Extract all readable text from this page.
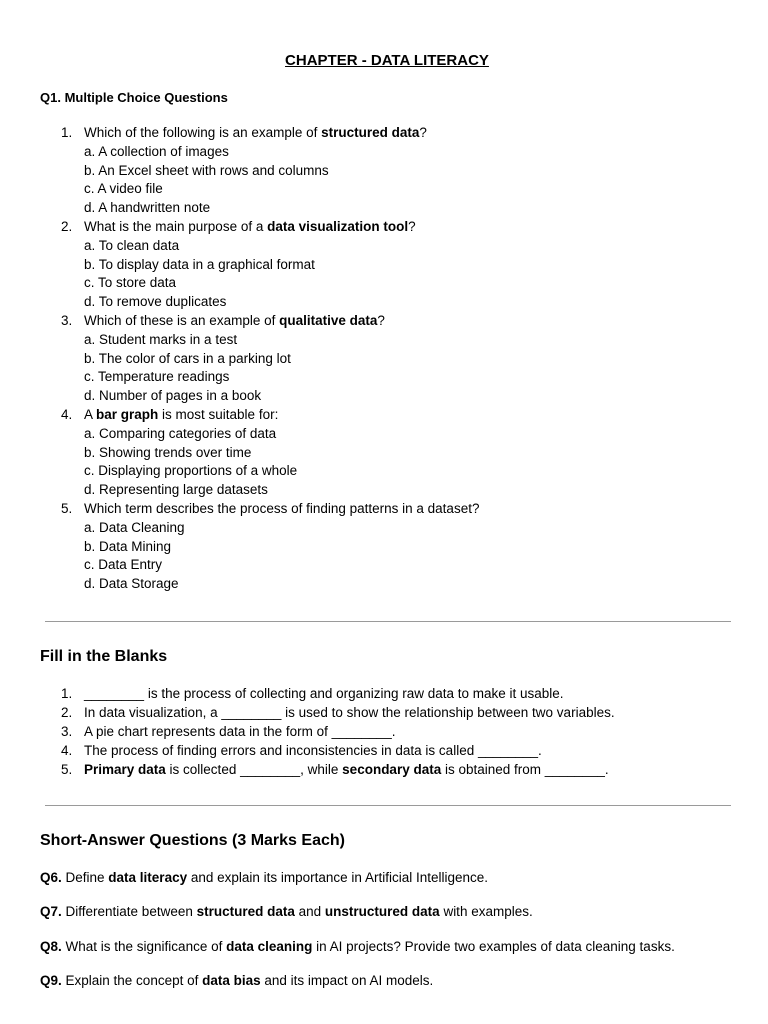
CHAPTER - DATA LITERACY
Q1. Multiple Choice Questions
1. Which of the following is an example of structured data?
a. A collection of images
b. An Excel sheet with rows and columns
c. A video file
d. A handwritten note
2. What is the main purpose of a data visualization tool?
a. To clean data
b. To display data in a graphical format
c. To store data
d. To remove duplicates
3. Which of these is an example of qualitative data?
a. Student marks in a test
b. The color of cars in a parking lot
c. Temperature readings
d. Number of pages in a book
4. A bar graph is most suitable for:
a. Comparing categories of data
b. Showing trends over time
c. Displaying proportions of a whole
d. Representing large datasets
5. Which term describes the process of finding patterns in a dataset?
a. Data Cleaning
b. Data Mining
c. Data Entry
d. Data Storage
Fill in the Blanks
1. ________ is the process of collecting and organizing raw data to make it usable.
2. In data visualization, a ________ is used to show the relationship between two variables.
3. A pie chart represents data in the form of ________.
4. The process of finding errors and inconsistencies in data is called ________.
5. Primary data is collected ________, while secondary data is obtained from ________.
Short-Answer Questions (3 Marks Each)

Q6. Define data literacy and explain its importance in Artificial Intelligence.

Q7. Differentiate between structured data and unstructured data with examples.

Q8. What is the significance of data cleaning in AI projects? Provide two examples of data cleaning tasks.

Q9. Explain the concept of data bias and its impact on AI models.
